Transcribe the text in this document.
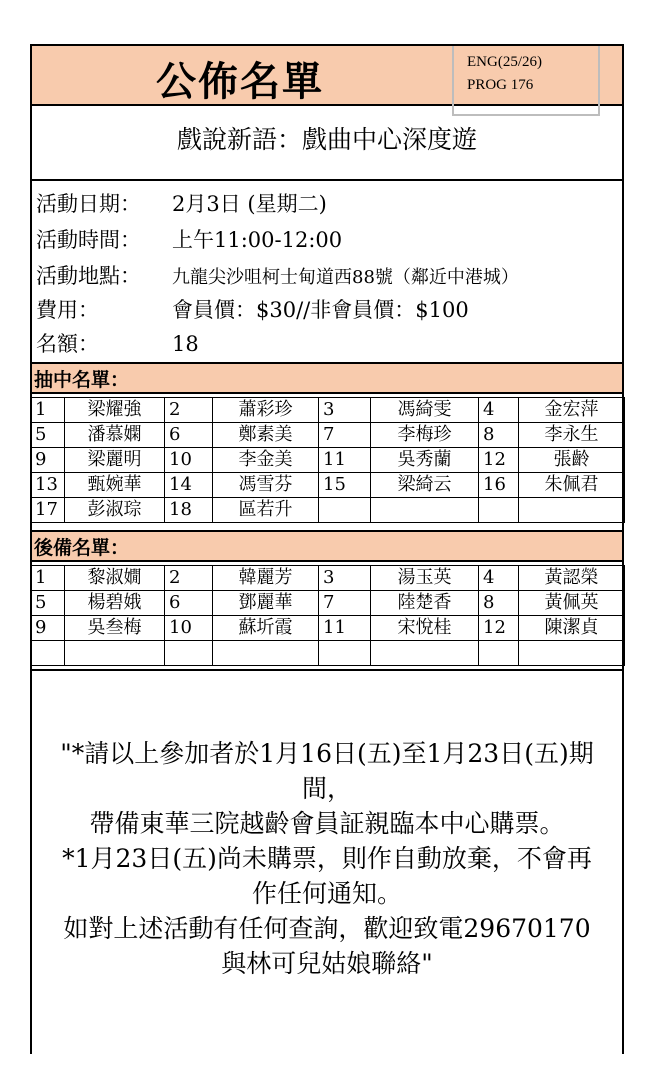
公佈名單	ENG(25/26)
PROG 176
戲說新語：戲曲中心深度遊
活動日期： 2月3日 (星期二)
活動時間： 上午11:00-12:00
活動地點： 九龍尖沙咀柯士甸道西88號（鄰近中港城）
費用：	會員價：$30//非會員價：$100
名額：	18
抽中名單：
1	梁耀強	2	蕭彩珍	3	馮綺雯	4	金宏萍
5	潘慕嫻	6	鄭素美	7	李梅珍	8	李永生
9	梁麗明	10	李金美	11	吳秀蘭	12	張齡
13	甄婉華	14	馮雪芬	15	梁綺云	16	朱佩君
17	彭淑琮	18	區若升				
後備名單：
1	黎淑嫺	2	韓麗芳	3	湯玉英	4	黃認榮
5	楊碧娥	6	鄧麗華	7	陸楚香	8	黃佩英
9	吳叁梅	10	蘇圻霞	11	宋悅桂	12	陳潔貞

"*請以上參加者於1月16日(五)至1月23日(五)期
間，
帶備東華三院越齡會員証親臨本中心購票。
*1月23日(五)尚未購票，則作自動放棄，不會再
作任何通知。
如對上述活動有任何查詢，歡迎致電29670170
與林可兒姑娘聯絡"
